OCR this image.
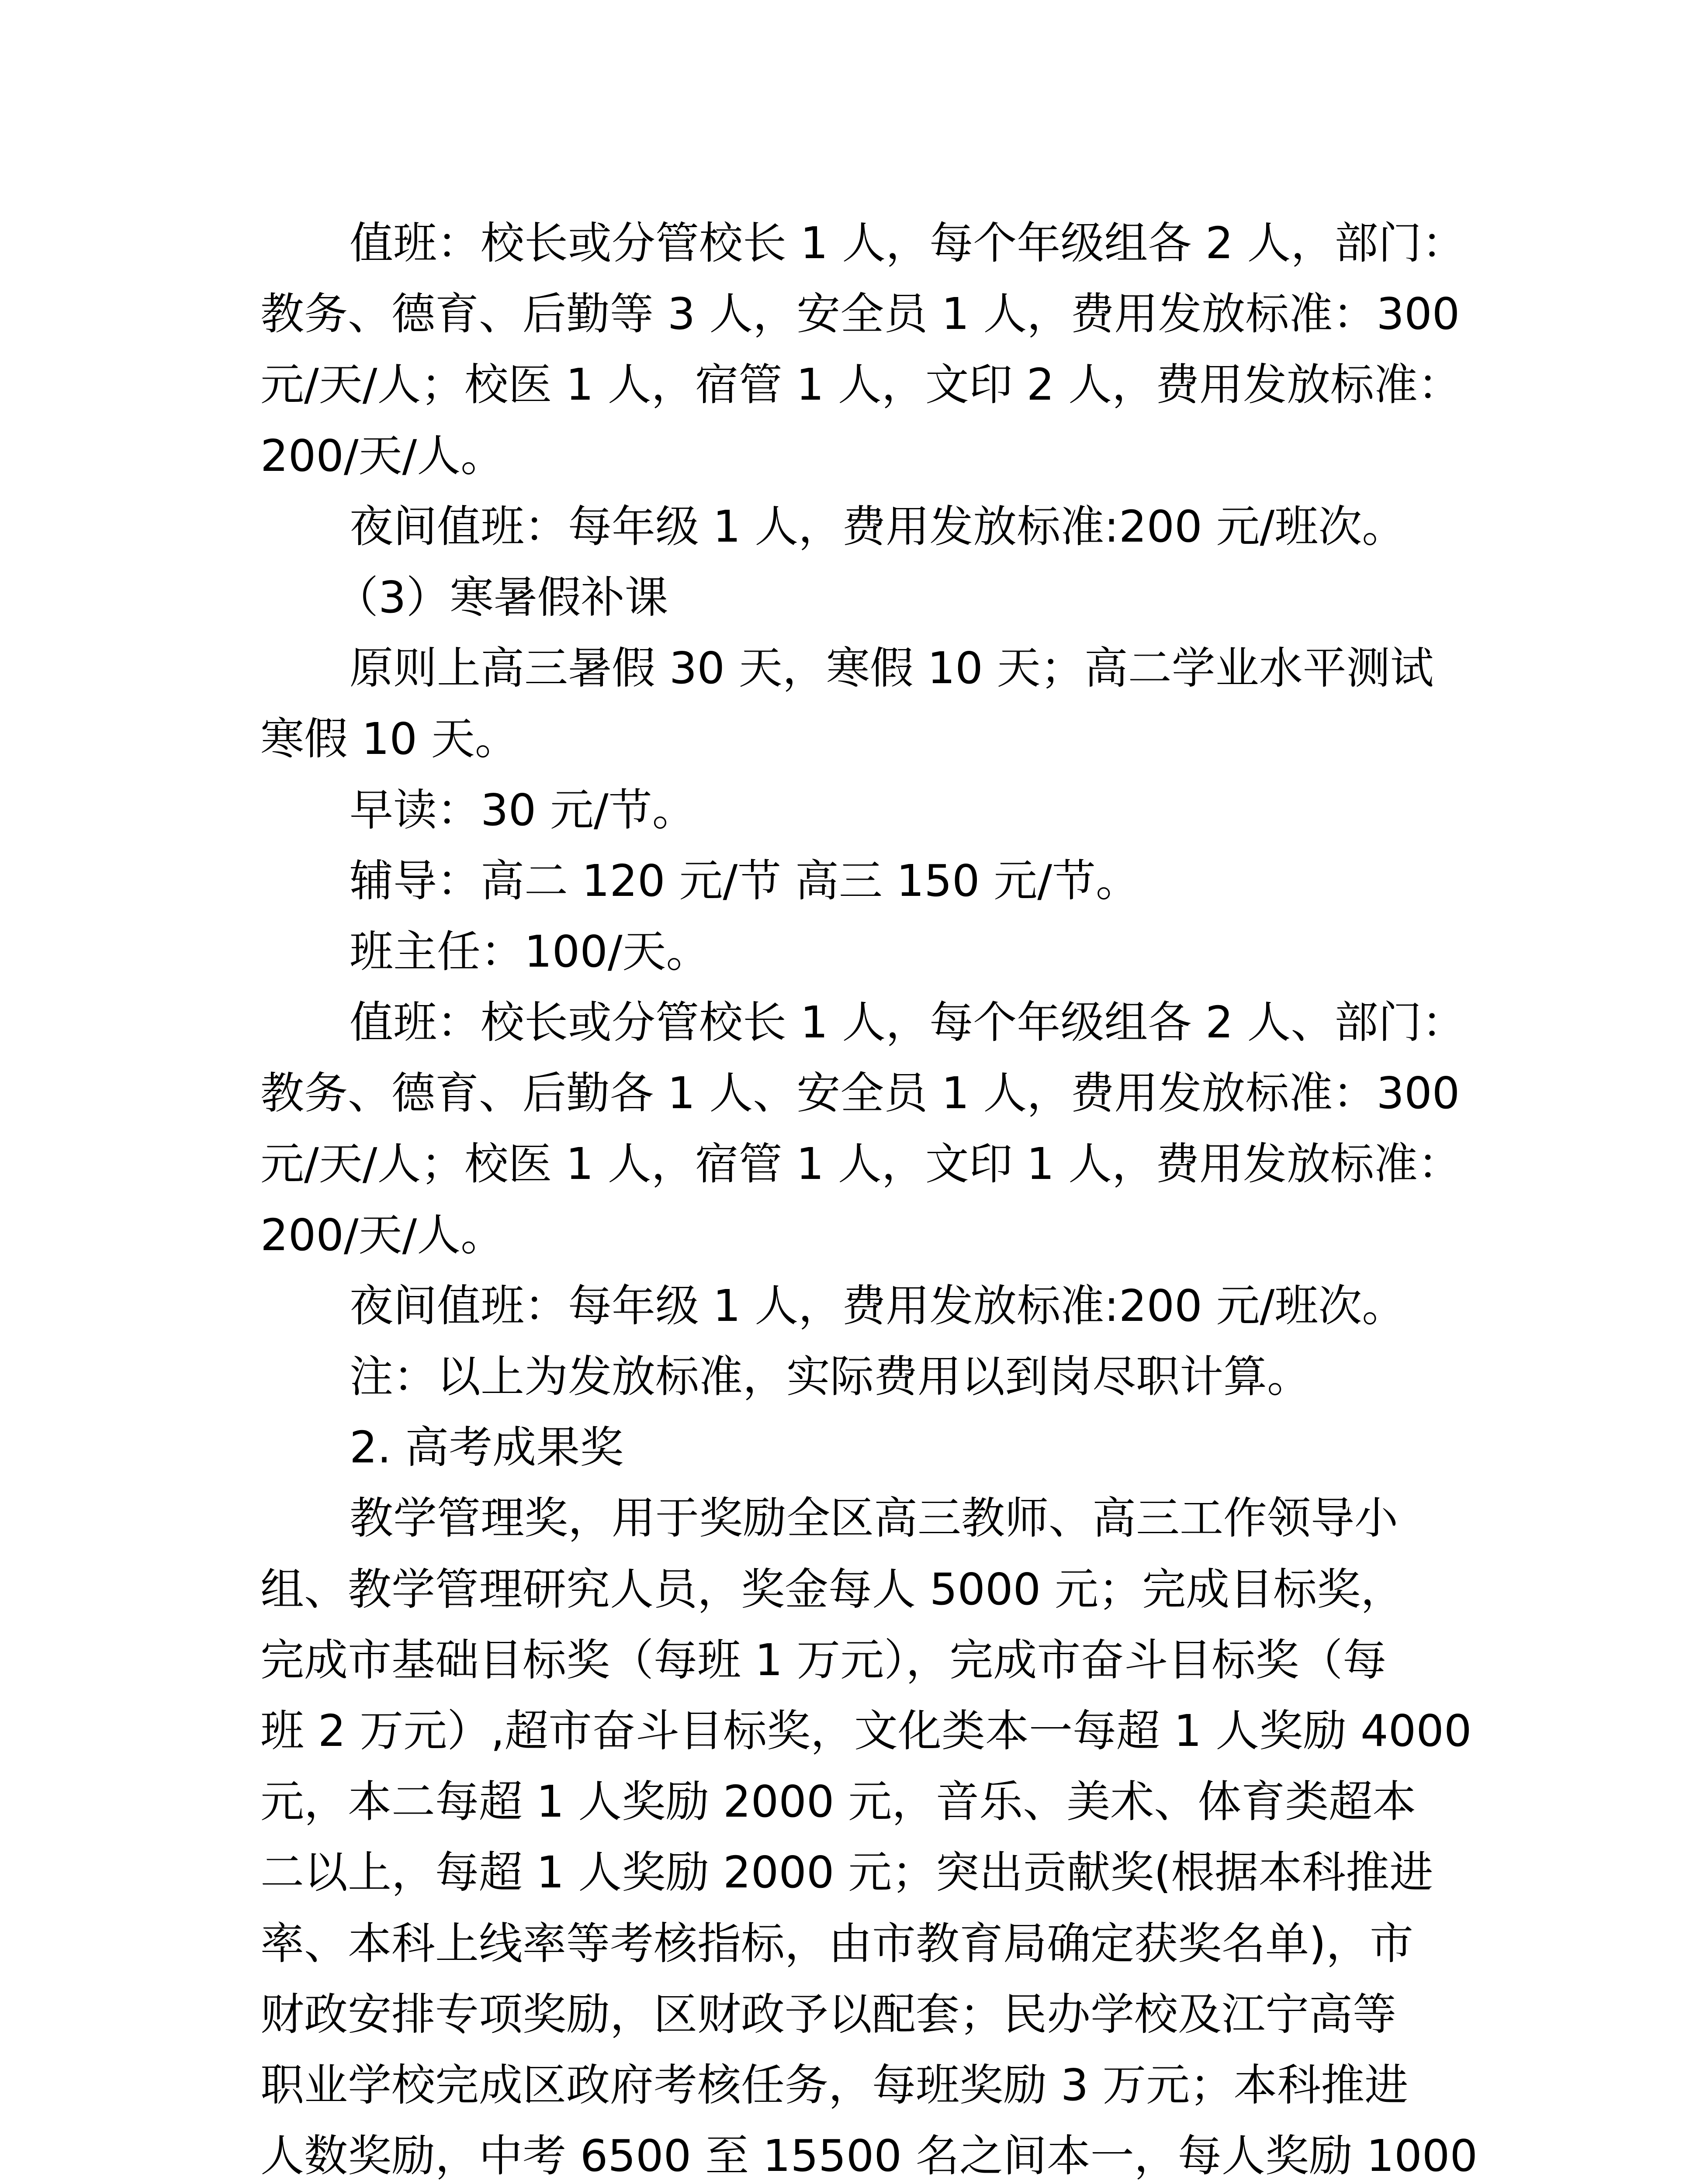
值班：校长或分管校长 1 人，每个年级组各 2 人，部门：
教务、德育、后勤等 3 人，安全员 1 人，费用发放标准：300
元/天/人；校医 1 人，宿管 1 人，文印 2 人，费用发放标准：
200/天/人。
夜间值班：每年级 1 人，费用发放标准:200 元/班次。
（3）寒暑假补课
原则上高三暑假 30 天，寒假 10 天；高二学业水平测试
寒假 10 天。
早读：30 元/节。
辅导：高二 120 元/节 高三 150 元/节。
班主任：100/天。
值班：校长或分管校长 1 人，每个年级组各 2 人、部门：
教务、德育、后勤各 1 人、安全员 1 人，费用发放标准：300
元/天/人；校医 1 人，宿管 1 人，文印 1 人，费用发放标准：
200/天/人。
夜间值班：每年级 1 人，费用发放标准:200 元/班次。
注：以上为发放标准，实际费用以到岗尽职计算。
2. 高考成果奖
教学管理奖，用于奖励全区高三教师、高三工作领导小
组、教学管理研究人员，奖金每人 5000 元；完成目标奖，
完成市基础目标奖（每班 1 万元），完成市奋斗目标奖（每
班 2 万元）,超市奋斗目标奖，文化类本一每超 1 人奖励 4000
元，本二每超 1 人奖励 2000 元，音乐、美术、体育类超本
二以上，每超 1 人奖励 2000 元；突出贡献奖(根据本科推进
率、本科上线率等考核指标，由市教育局确定获奖名单)，市
财政安排专项奖励，区财政予以配套；民办学校及江宁高等
职业学校完成区政府考核任务，每班奖励 3 万元；本科推进
人数奖励，中考 6500 至 15500 名之间本一，每人奖励 1000
